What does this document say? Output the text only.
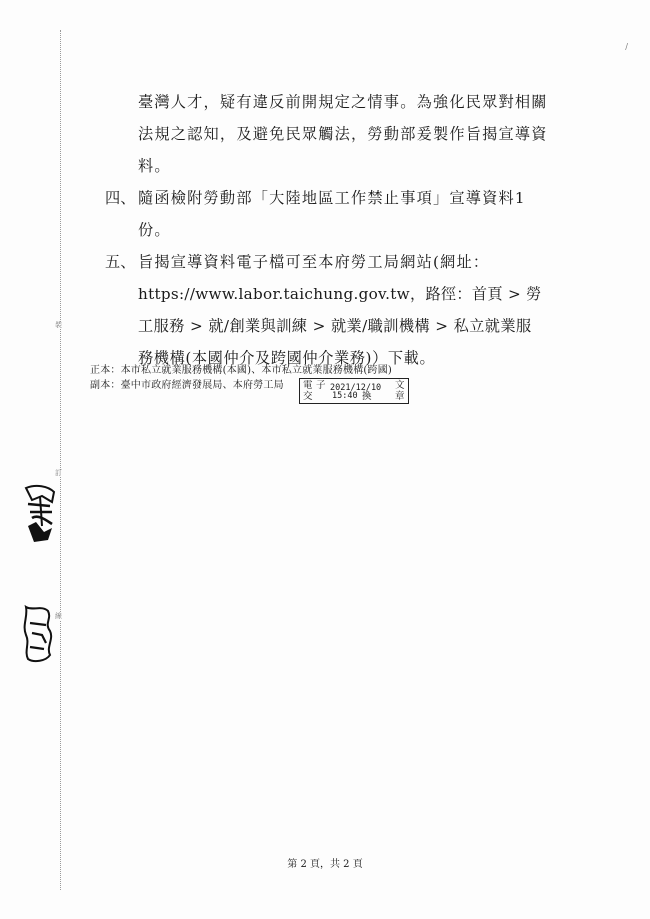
裝
訂
線
/
臺灣人才，疑有違反前開規定之情事。為強化民眾對相關
法規之認知，及避免民眾觸法，勞動部爰製作旨揭宣導資
料。
四、 隨函檢附勞動部「大陸地區工作禁止事項」宣導資料1
份。
五、 旨揭宣導資料電子檔可至本府勞工局網站(網址：
https://www.labor.taichung.gov.tw，路徑：首頁 > 勞
工服務 > 就/創業與訓練 > 就業/職訓機構 > 私立就業服
務機構(本國仲介及跨國仲介業務)）下載。
正本：本市私立就業服務機構(本國)、本市私立就業服務機構(跨國)
副本：臺中市政府經濟發展局、本府勞工局 電 子 2021/12/10 文
交 15:40 換 章
第 2 頁，共 2 頁
